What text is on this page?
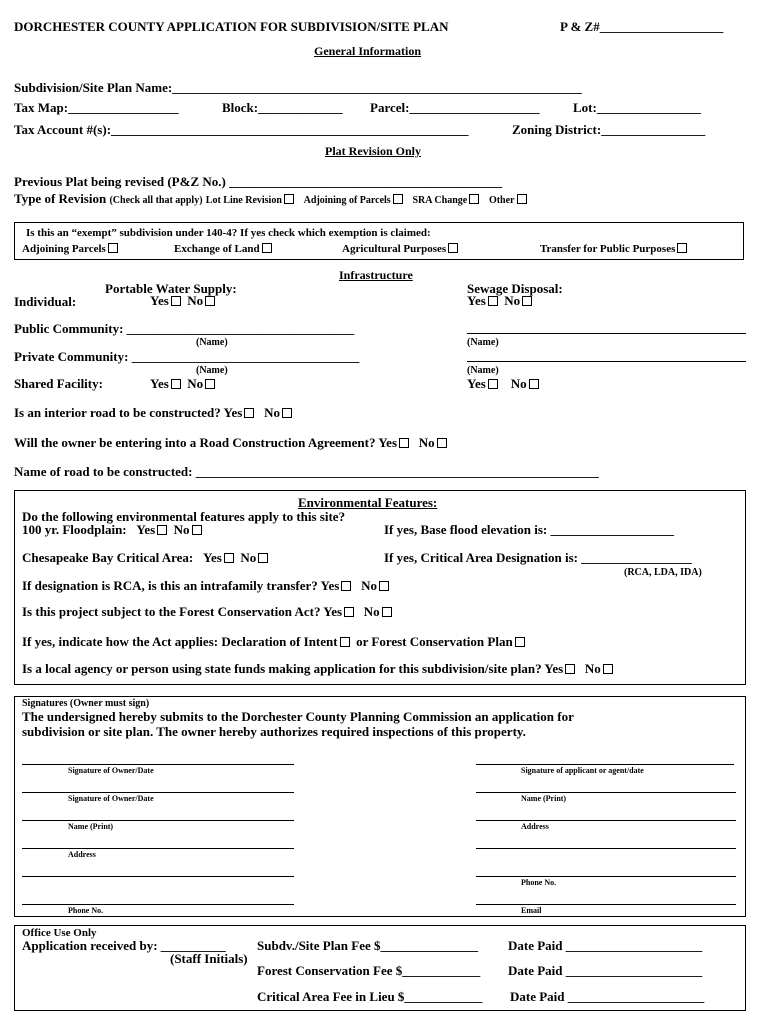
DORCHESTER COUNTY APPLICATION FOR SUBDIVISION/SITE PLAN	P & Z#___________________
General Information
Subdivision/Site Plan Name:_______________________________________________________________
Tax Map:_________________	Block:_____________ Parcel:____________________	Lot:________________
Tax Account #(s):_______________________________________________________	Zoning District:________________
Plat Revision Only
Previous Plat being revised (P&Z No.) __________________________________________
Type of Revision (Check all that apply) Lot Line Revision Adjoining of Parcels SRA Change Other
Is this an “exempt” subdivision under 140-4? If yes check which exemption is claimed:
Adjoining Parcels	Exchange of Land	Agricultural Purposes	Transfer for Public Purposes
Infrastructure
Portable Water Supply:	Sewage Disposal:
Individual:	Yes No	Yes No
Public Community: ___________________________________
(Name)	(Name)
Private Community: ___________________________________
(Name)	(Name)
Shared Facility:	Yes No	Yes No
Is an interior road to be constructed? Yes No
Will the owner be entering into a Road Construction Agreement? Yes No
Name of road to be constructed: ______________________________________________________________
Environmental Features:
Do the following environmental features apply to this site?
100 yr. Floodplain: Yes No	If yes, Base flood elevation is: ___________________
Chesapeake Bay Critical Area: Yes No	If yes, Critical Area Designation is: _________________
(RCA, LDA, IDA)
If designation is RCA, is this an intrafamily transfer? Yes No
Is this project subject to the Forest Conservation Act? Yes No
If yes, indicate how the Act applies: Declaration of Intent or Forest Conservation Plan
Is a local agency or person using state funds making application for this subdivision/site plan? Yes No
Signatures (Owner must sign)
The undersigned hereby submits to the Dorchester County Planning Commission an application for
subdivision or site plan. The owner hereby authorizes required inspections of this property.
Signature of Owner/Date
Signature of Owner/Date
Name (Print)
Address
Phone No.
Signature of applicant or agent/date
Name (Print)
Address
Phone No.
Email
Office Use Only
Application received by: __________
(Staff Initials)
Subdv./Site Plan Fee $_______________ Date Paid _____________________
Forest Conservation Fee $____________ Date Paid _____________________
Critical Area Fee in Lieu $____________ Date Paid _____________________
